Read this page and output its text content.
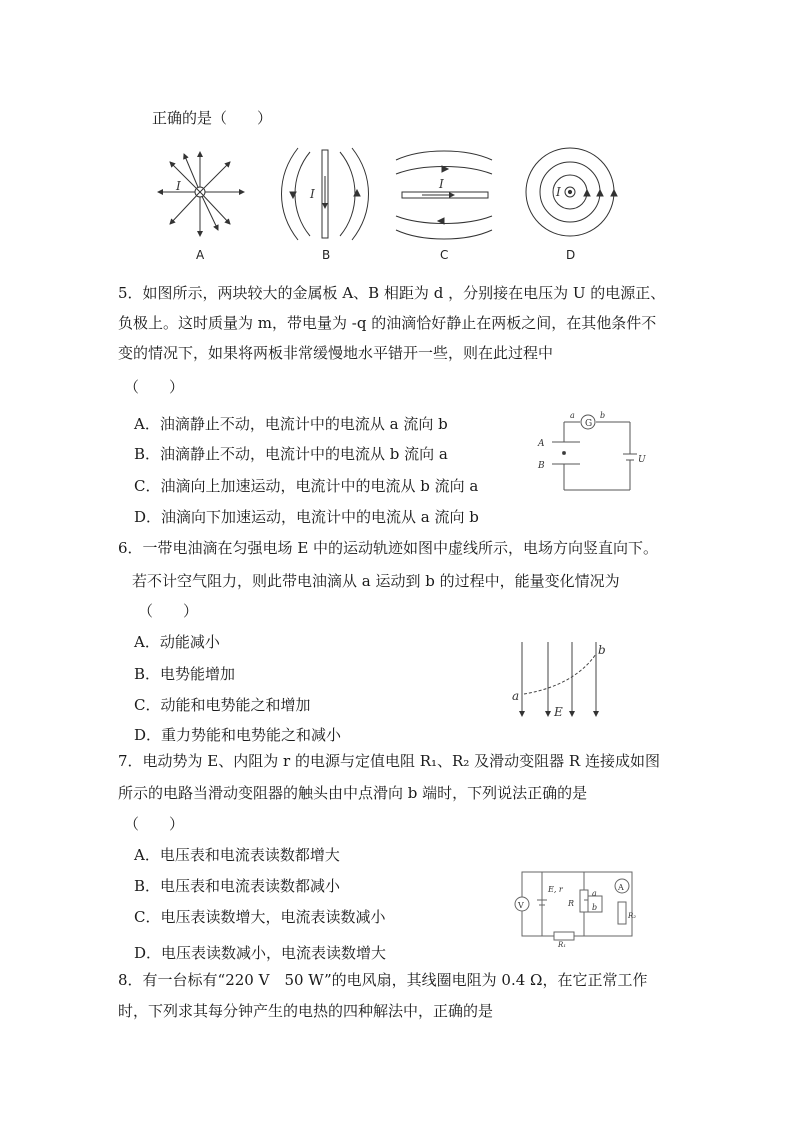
正确的是（　　）
I
A
I
B
I
C
I
D
5．如图所示，两块较大的金属板 A、B 相距为 d ，分别接在电压为 U 的电源正、
负极上。这时质量为 m，带电量为 -q 的油滴恰好静止在两板之间，在其他条件不
变的情况下，如果将两板非常缓慢地水平错开一些，则在此过程中
（　　）
A．油滴静止不动，电流计中的电流从 a 流向 b
B．油滴静止不动，电流计中的电流从 b 流向 a
C．油滴向上加速运动，电流计中的电流从 b 流向 a
D．油滴向下加速运动，电流计中的电流从 a 流向 b
G
a	b
A
B
U
6．一带电油滴在匀强电场 E 中的运动轨迹如图中虚线所示，电场方向竖直向下。
若不计空气阻力，则此带电油滴从 a 运动到 b 的过程中，能量变化情况为
（　　）
A．动能减小
B．电势能增加
C．动能和电势能之和增加
D．重力势能和电势能之和减小
a
b
E
7．电动势为 E、内阻为 r 的电源与定值电阻 R₁、R₂ 及滑动变阻器 R 连接成如图
所示的电路当滑动变阻器的触头由中点滑向 b 端时，下列说法正确的是
（　　）
A．电压表和电流表读数都增大
B．电压表和电流表读数都减小
C．电压表读数增大，电流表读数减小
D．电压表读数减小，电流表读数增大
V
A
E, r
R
a
b
R₂
R₁
8．有一台标有“220 V　50 W”的电风扇，其线圈电阻为 0.4 Ω，在它正常工作
时，下列求其每分钟产生的电热的四种解法中，正确的是
